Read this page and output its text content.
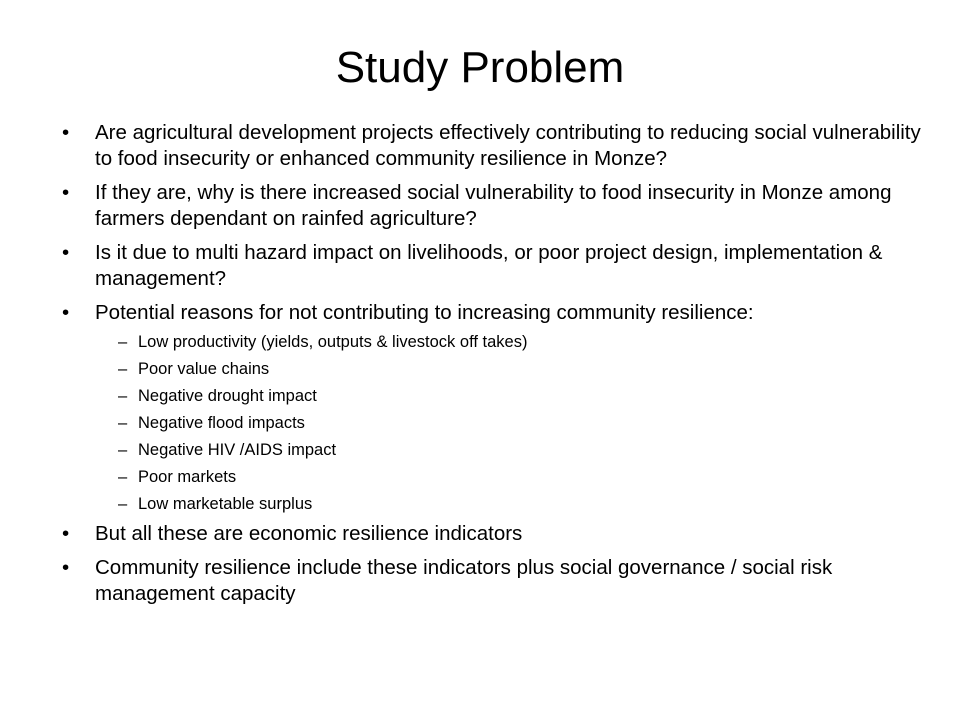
Study Problem
• Are agricultural development projects effectively contributing to reducing social vulnerability to food insecurity or enhanced community resilience in Monze?
• If they are, why is there increased social vulnerability to food insecurity in Monze among farmers dependant on rainfed agriculture?
• Is it due to multi hazard impact on livelihoods, or poor project design, implementation & management?
• Potential reasons for not contributing to increasing community resilience:
– Low productivity (yields, outputs & livestock off takes)
– Poor value chains
– Negative drought impact
– Negative flood impacts
– Negative HIV /AIDS impact
– Poor markets
– Low marketable surplus
• But all these are economic resilience indicators
• Community resilience include these indicators plus social governance / social risk management capacity
